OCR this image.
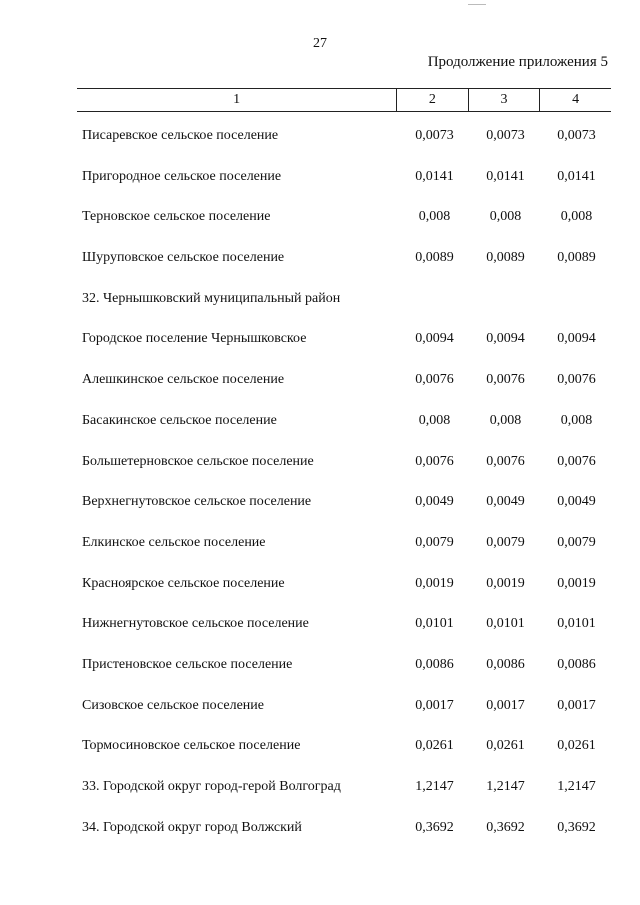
27
Продолжение приложения 5
1	2	3	4
Писаревское сельское поселение	0,0073	0,0073	0,0073
Пригородное сельское поселение	0,0141	0,0141	0,0141
Терновское сельское поселение	0,008	0,008	0,008
Шуруповское сельское поселение	0,0089	0,0089	0,0089
32. Чернышковский муниципальный район
Городское поселение Чернышковское	0,0094	0,0094	0,0094
Алешкинское сельское поселение	0,0076	0,0076	0,0076
Басакинское сельское поселение	0,008	0,008	0,008
Большетерновское сельское поселение	0,0076	0,0076	0,0076
Верхнегнутовское сельское поселение	0,0049	0,0049	0,0049
Елкинское сельское поселение	0,0079	0,0079	0,0079
Красноярское сельское поселение	0,0019	0,0019	0,0019
Нижнегнутовское сельское поселение	0,0101	0,0101	0,0101
Пристеновское сельское поселение	0,0086	0,0086	0,0086
Сизовское сельское поселение	0,0017	0,0017	0,0017
Тормосиновское сельское поселение	0,0261	0,0261	0,0261
33. Городской округ город-герой Волгоград	1,2147	1,2147	1,2147
34. Городской округ город Волжский	0,3692	0,3692	0,3692
